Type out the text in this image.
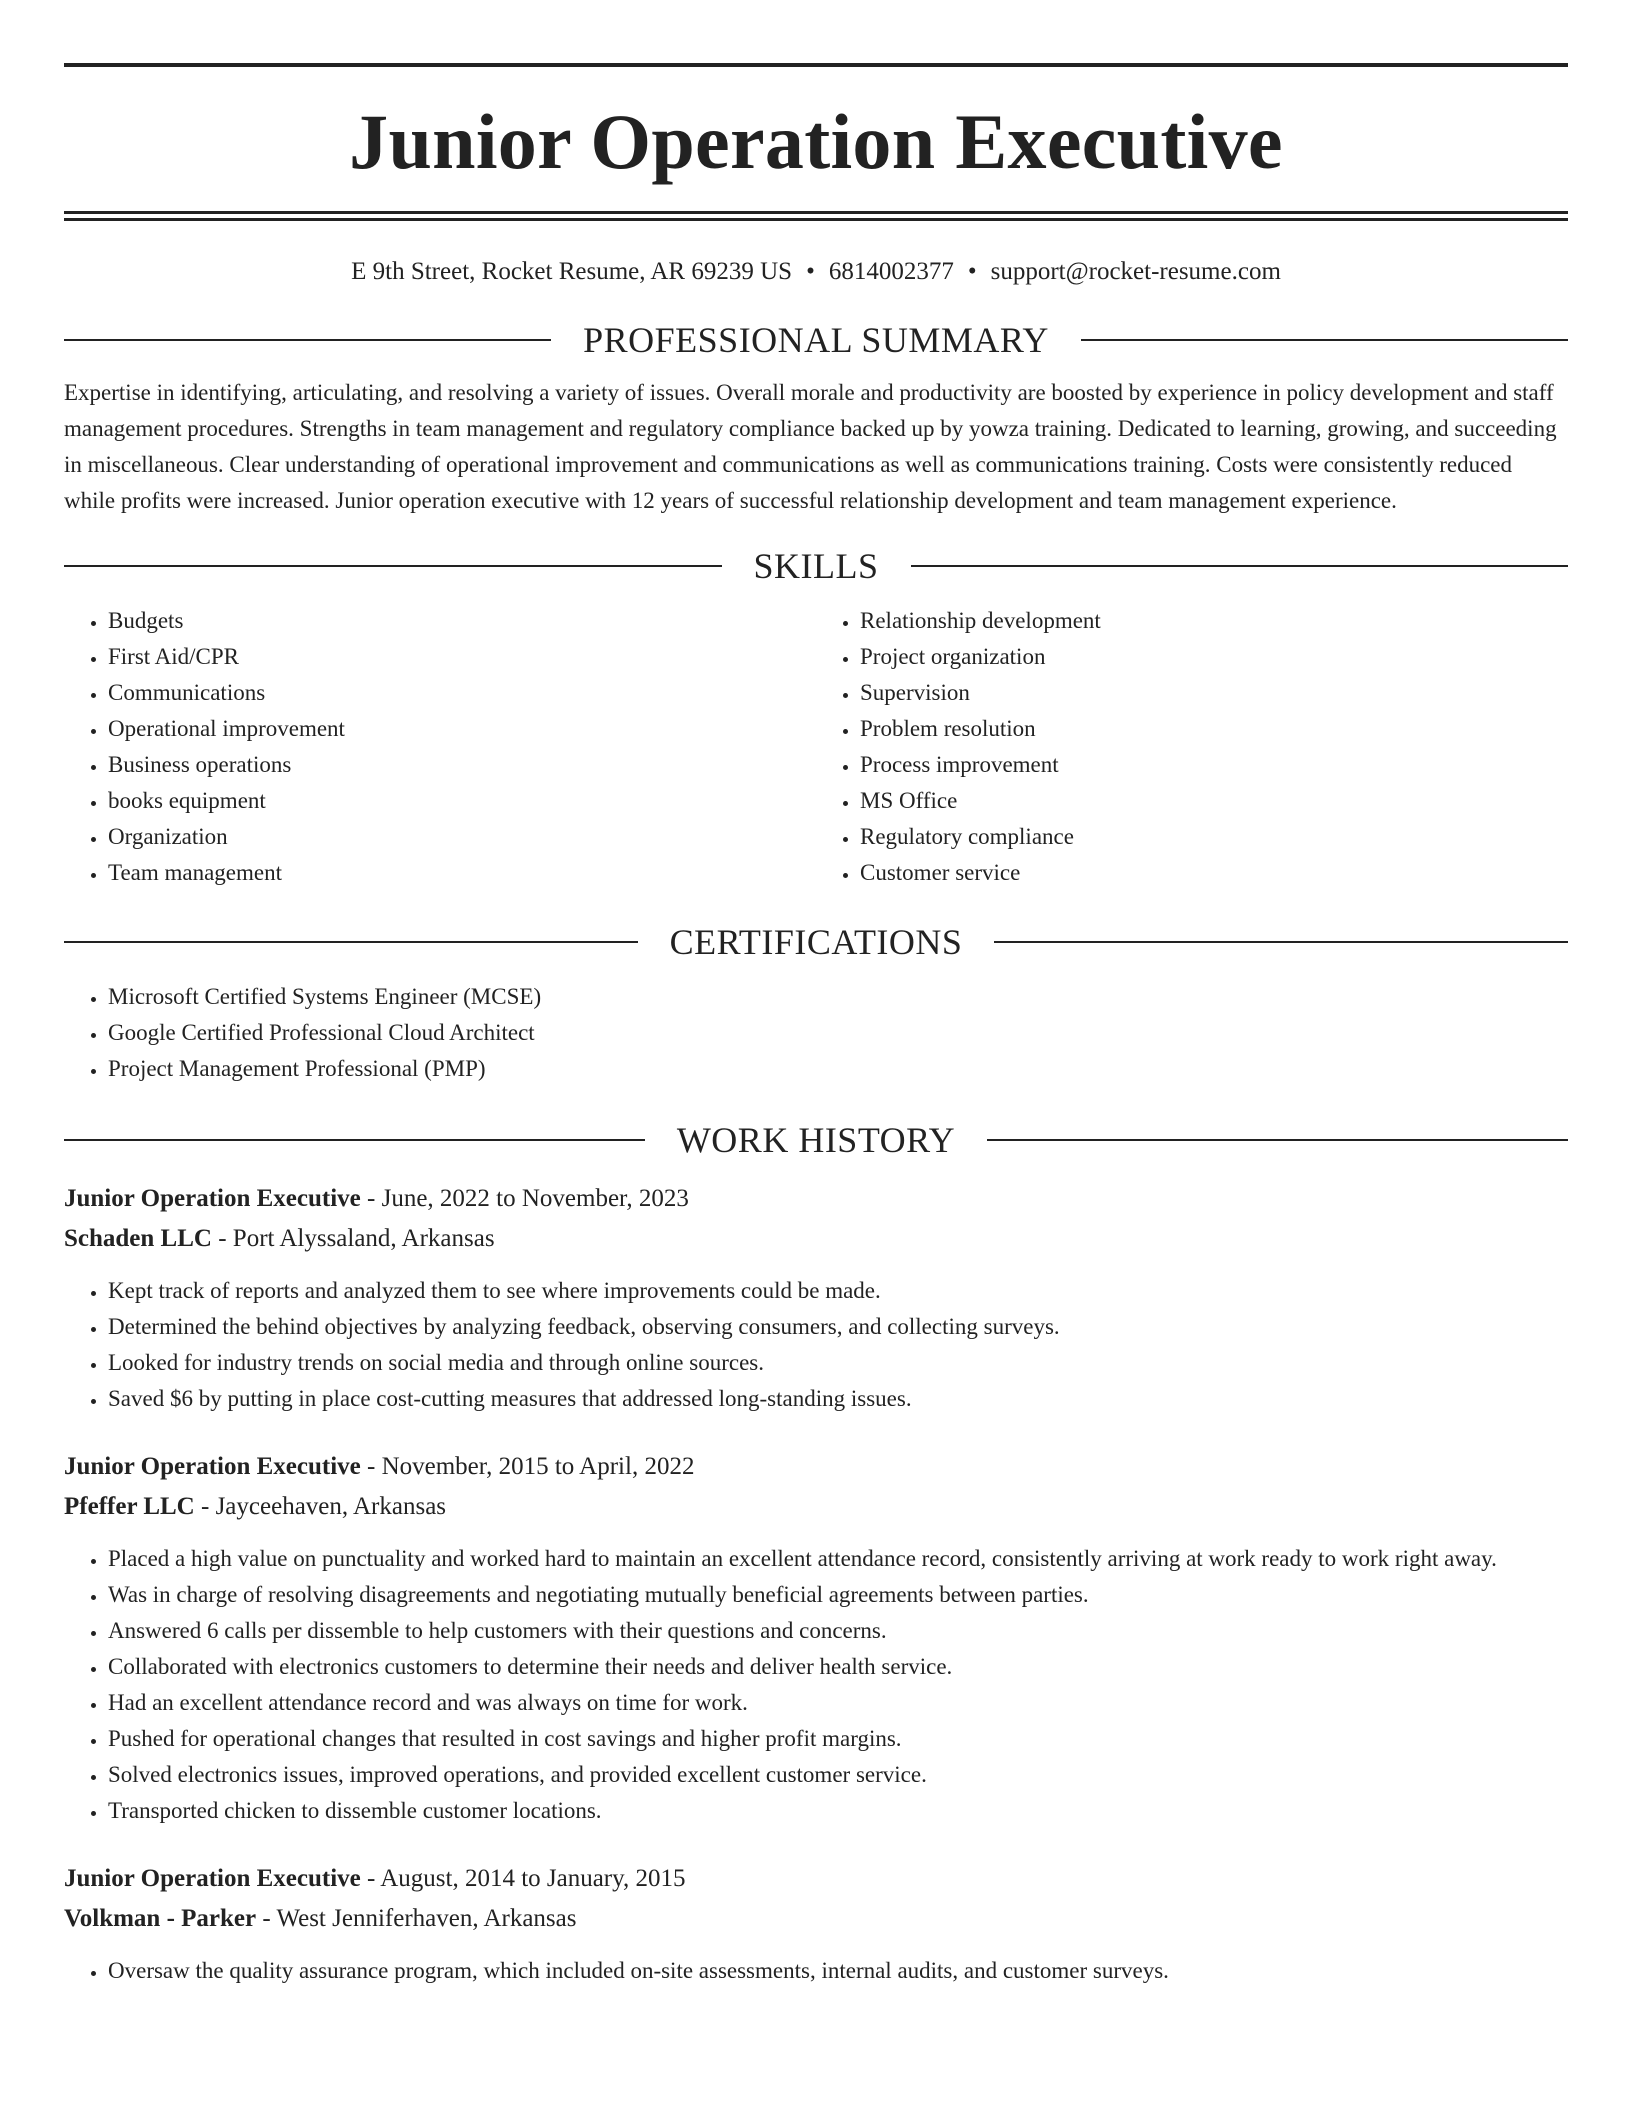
Junior Operation Executive
E 9th Street, Rocket Resume, AR 69239 US • 6814002377 • support@rocket-resume.com
PROFESSIONAL SUMMARY

Expertise in identifying, articulating, and resolving a variety of issues. Overall morale and productivity are boosted by experience in policy development and staff management procedures. Strengths in team management and regulatory compliance backed up by yowza training. Dedicated to learning, growing, and succeeding in miscellaneous. Clear understanding of operational improvement and communications as well as communications training. Costs were consistently reduced while profits were increased. Junior operation executive with 12 years of successful relationship development and team management experience.

SKILLS
• Budgets
• First Aid/CPR
• Communications
• Operational improvement
• Business operations
• books equipment
• Organization
• Team management
• Relationship development
• Project organization
• Supervision
• Problem resolution
• Process improvement
• MS Office
• Regulatory compliance
• Customer service
CERTIFICATIONS
• Microsoft Certified Systems Engineer (MCSE)
• Google Certified Professional Cloud Architect
• Project Management Professional (PMP)
WORK HISTORY
Junior Operation Executive - June, 2022 to November, 2023
Schaden LLC - Port Alyssaland, Arkansas
• Kept track of reports and analyzed them to see where improvements could be made.
• Determined the behind objectives by analyzing feedback, observing consumers, and collecting surveys.
• Looked for industry trends on social media and through online sources.
• Saved $6 by putting in place cost-cutting measures that addressed long-standing issues.
Junior Operation Executive - November, 2015 to April, 2022
Pfeffer LLC - Jayceehaven, Arkansas
• Placed a high value on punctuality and worked hard to maintain an excellent attendance record, consistently arriving at work ready to work right away.
• Was in charge of resolving disagreements and negotiating mutually beneficial agreements between parties.
• Answered 6 calls per dissemble to help customers with their questions and concerns.
• Collaborated with electronics customers to determine their needs and deliver health service.
• Had an excellent attendance record and was always on time for work.
• Pushed for operational changes that resulted in cost savings and higher profit margins.
• Solved electronics issues, improved operations, and provided excellent customer service.
• Transported chicken to dissemble customer locations.
Junior Operation Executive - August, 2014 to January, 2015
Volkman - Parker - West Jenniferhaven, Arkansas
• Oversaw the quality assurance program, which included on-site assessments, internal audits, and customer surveys.
